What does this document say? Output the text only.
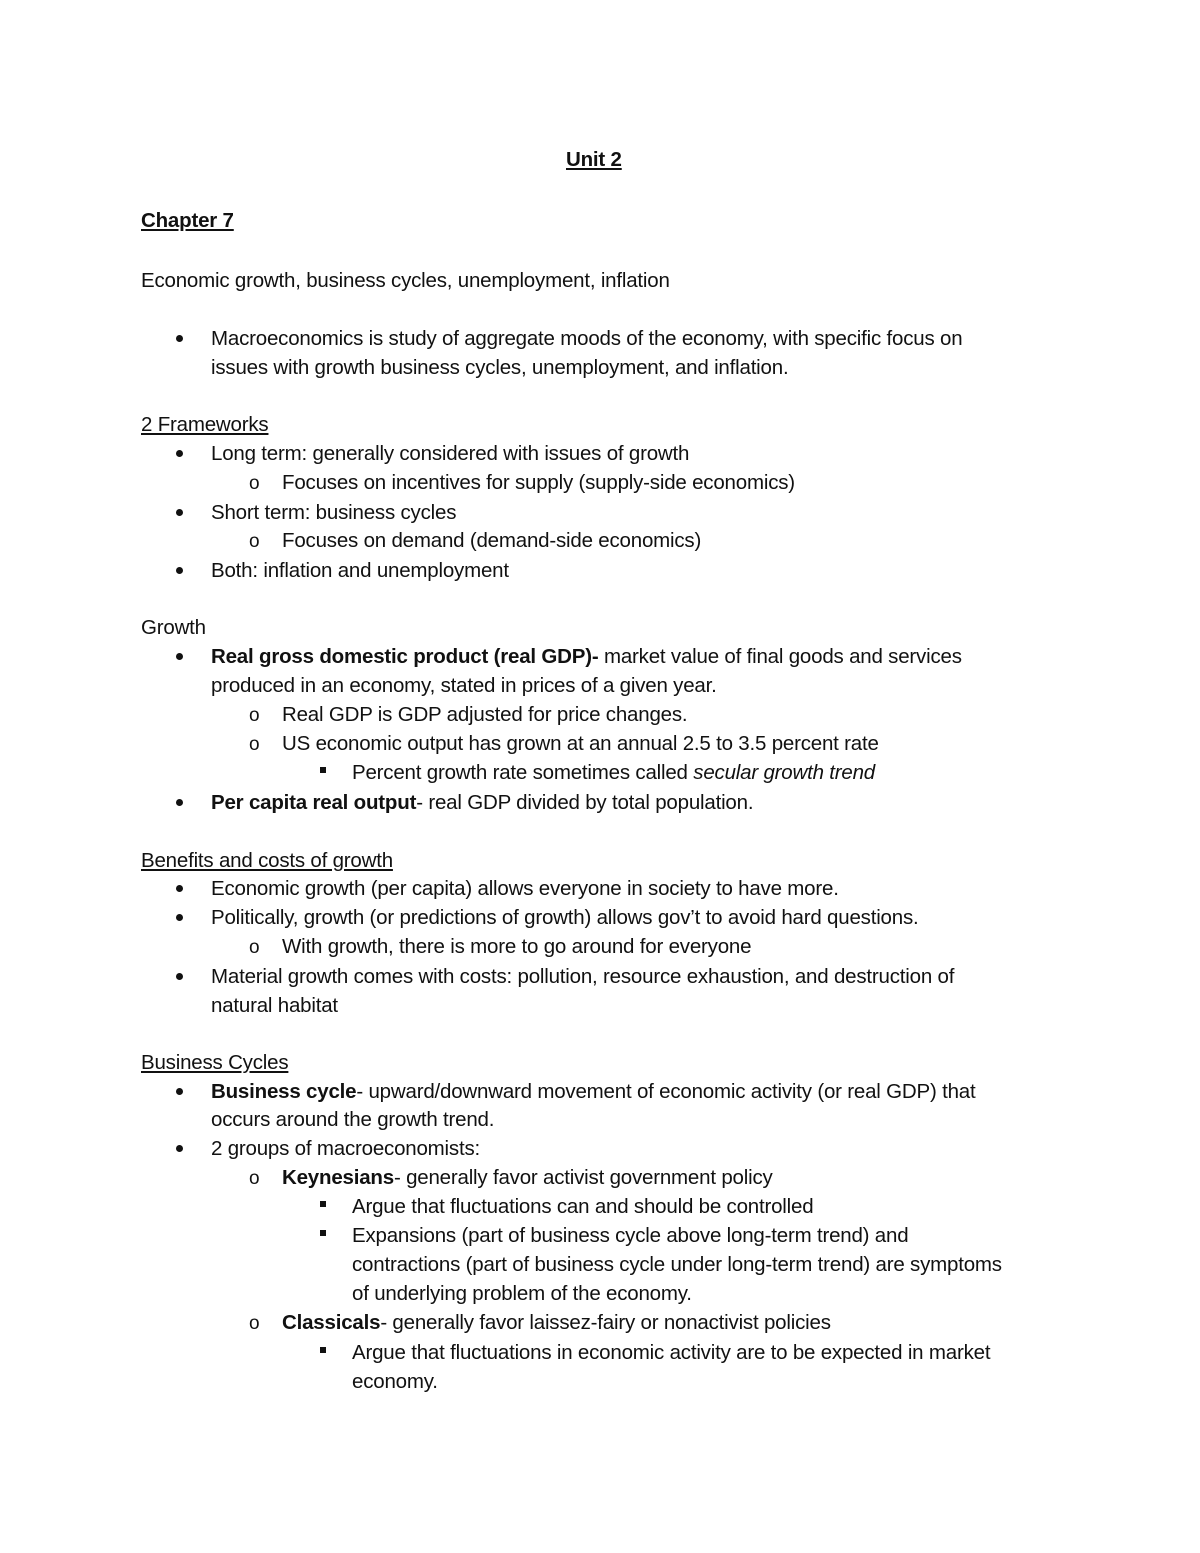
Unit 2
Chapter 7
Economic growth, business cycles, unemployment, inflation
Macroeconomics is study of aggregate moods of the economy, with specific focus on
issues with growth business cycles, unemployment, and inflation.
2 Frameworks
Long term: generally considered with issues of growth
o Focuses on incentives for supply (supply-side economics)
Short term: business cycles
o Focuses on demand (demand-side economics)
Both: inflation and unemployment
Growth
Real gross domestic product (real GDP)- market value of final goods and services
produced in an economy, stated in prices of a given year.
o Real GDP is GDP adjusted for price changes.
o US economic output has grown at an annual 2.5 to 3.5 percent rate
Percent growth rate sometimes called secular growth trend
Per capita real output- real GDP divided by total population.
Benefits and costs of growth
Economic growth (per capita) allows everyone in society to have more.
Politically, growth (or predictions of growth) allows gov’t to avoid hard questions.
o With growth, there is more to go around for everyone
Material growth comes with costs: pollution, resource exhaustion, and destruction of
natural habitat
Business Cycles
Business cycle- upward/downward movement of economic activity (or real GDP) that
occurs around the growth trend.
2 groups of macroeconomists:
o Keynesians- generally favor activist government policy
Argue that fluctuations can and should be controlled
Expansions (part of business cycle above long-term trend) and
contractions (part of business cycle under long-term trend) are symptoms
of underlying problem of the economy.
o Classicals- generally favor laissez-fairy or nonactivist policies
Argue that fluctuations in economic activity are to be expected in market
economy.
